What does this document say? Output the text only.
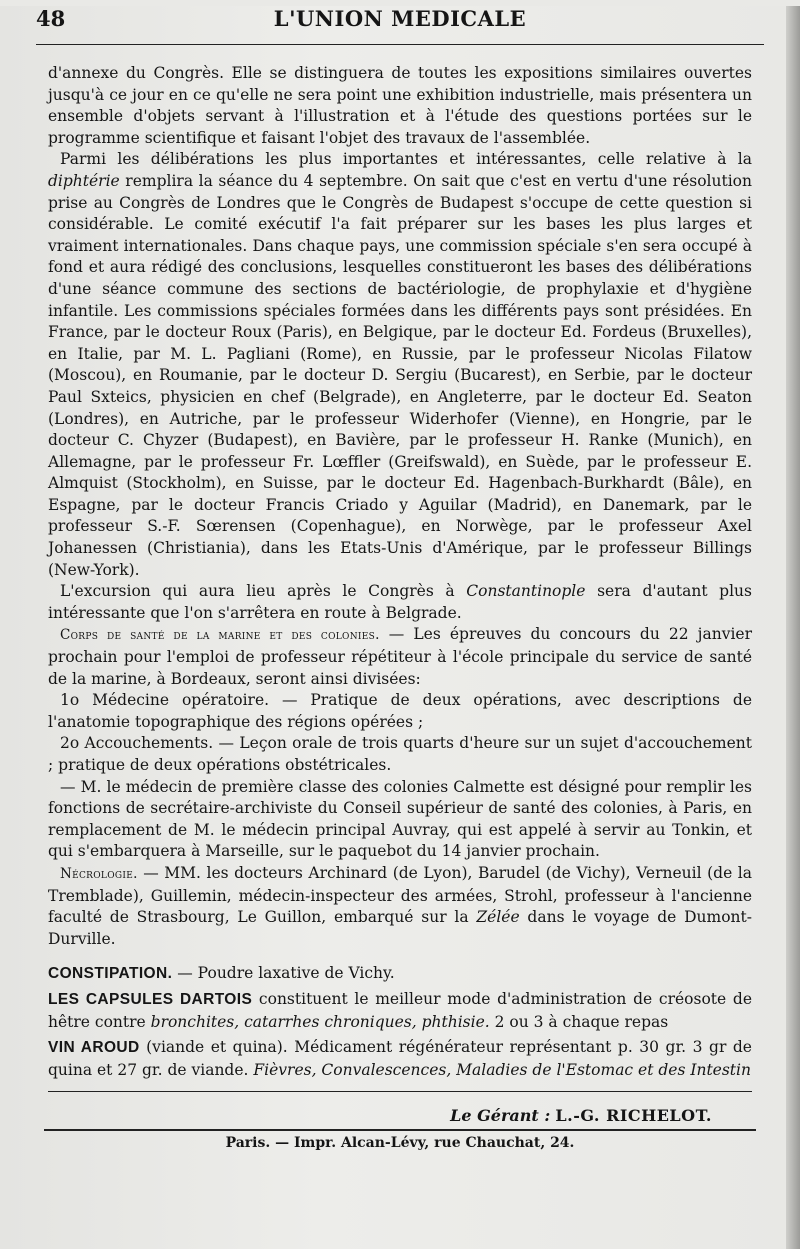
48	L'UNION MEDICALE

d'annexe du Congrès. Elle se distinguera de toutes les expositions similaires ouvertes jusqu'à ce jour en ce qu'elle ne sera point une exhibition industrielle, mais présentera un ensemble d'objets servant à l'illustration et à l'étude des questions portées sur le programme scientifique et faisant l'objet des travaux de l'assemblée.

Parmi les délibérations les plus importantes et intéressantes, celle relative à la diphtérie remplira la séance du 4 septembre. On sait que c'est en vertu d'une résolution prise au Congrès de Londres que le Congrès de Budapest s'occupe de cette question si considérable. Le comité exécutif l'a fait préparer sur les bases les plus larges et vraiment internationales. Dans chaque pays, une commission spéciale s'en sera occupé à fond et aura rédigé des conclusions, lesquelles constitueront les bases des délibérations d'une séance commune des sections de bactériologie, de prophylaxie et d'hygiène infantile. Les commissions spéciales formées dans les différents pays sont présidées. En France, par le docteur Roux (Paris), en Belgique, par le docteur Ed. Fordeus (Bruxelles), en Italie, par M. L. Pagliani (Rome), en Russie, par le professeur Nicolas Filatow (Moscou), en Roumanie, par le docteur D. Sergiu (Bucarest), en Serbie, par le docteur Paul Sxteics, physicien en chef (Belgrade), en Angleterre, par le docteur Ed. Seaton (Londres), en Autriche, par le professeur Widerhofer (Vienne), en Hongrie, par le docteur C. Chyzer (Budapest), en Bavière, par le professeur H. Ranke (Munich), en Allemagne, par le professeur Fr. Lœffler (Greifswald), en Suède, par le professeur E. Almquist (Stockholm), en Suisse, par le docteur Ed. Hagenbach-Burkhardt (Bâle), en Espagne, par le docteur Francis Criado y Aguilar (Madrid), en Danemark, par le professeur S.-F. Sœrensen (Copenhague), en Norwège, par le professeur Axel Johanessen (Christiania), dans les Etats-Unis d'Amérique, par le professeur Billings (New-York).

L'excursion qui aura lieu après le Congrès à Constantinople sera d'autant plus intéressante que l'on s'arrêtera en route à Belgrade.

Corps de santé de la marine et des colonies. — Les épreuves du concours du 22 janvier prochain pour l'emploi de professeur répétiteur à l'école principale du service de santé de la marine, à Bordeaux, seront ainsi divisées:

1o Médecine opératoire. — Pratique de deux opérations, avec descriptions de l'anatomie topographique des régions opérées ;

2o Accouchements. — Leçon orale de trois quarts d'heure sur un sujet d'accouchement ; pratique de deux opérations obstétricales.

— M. le médecin de première classe des colonies Calmette est désigné pour remplir les fonctions de secrétaire-archiviste du Conseil supérieur de santé des colonies, à Paris, en remplacement de M. le médecin principal Auvray, qui est appelé à servir au Tonkin, et qui s'embarquera à Marseille, sur le paquebot du 14 janvier prochain.

Nécrologie. — MM. les docteurs Archinard (de Lyon), Barudel (de Vichy), Verneuil (de la Tremblade), Guillemin, médecin-inspecteur des armées, Strohl, professeur à l'ancienne faculté de Strasbourg, Le Guillon, embarqué sur la Zélée dans le voyage de Dumont-Durville.

CONSTIPATION. — Poudre laxative de Vichy.

LES CAPSULES DARTOIS constituent le meilleur mode d'administration de créosote de hêtre contre bronchites, catarrhes chroniques, phthisie. 2 ou 3 à chaque repas

VIN AROUD (viande et quina). Médicament régénérateur représentant p. 30 gr. 3 gr de quina et 27 gr. de viande. Fièvres, Convalescences, Maladies de l'Estomac et des Intestin

Le Gérant : L.-G. RICHELOT.
Paris. — Impr. Alcan-Lévy, rue Chauchat, 24.
